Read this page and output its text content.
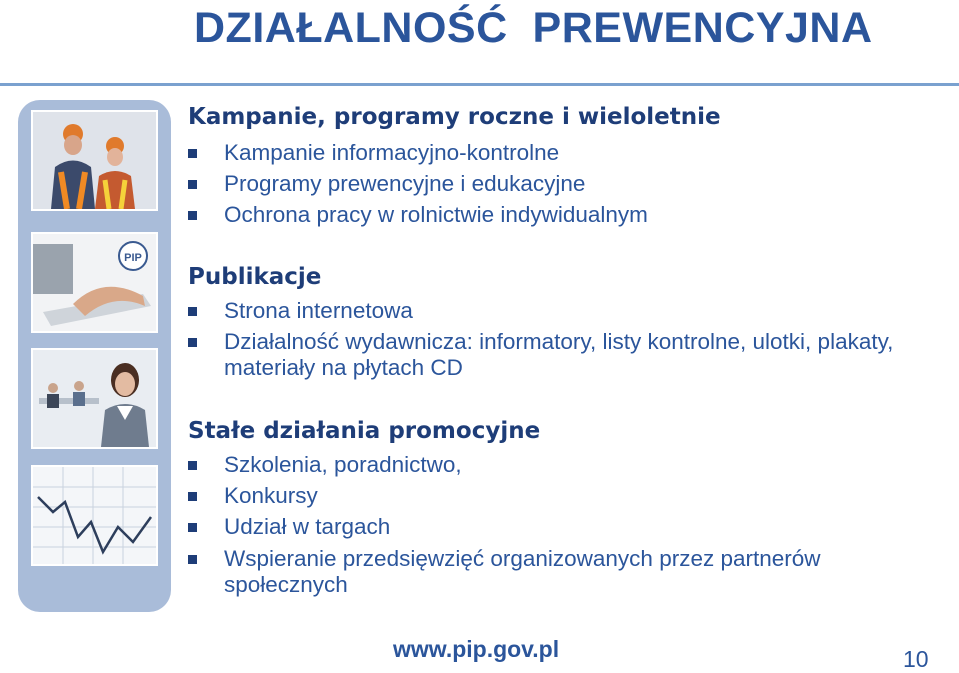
DZIAŁALNOŚĆ  PREWENCYJNA
PIP
Kampanie, programy roczne i wieloletnie
Kampanie informacyjno-kontrolne
Programy prewencyjne i edukacyjne
Ochrona pracy w rolnictwie indywidualnym
Publikacje
Strona internetowa
Działalność wydawnicza: informatory, listy kontrolne, ulotki, plakaty, materiały na płytach CD
Stałe działania promocyjne
Szkolenia, poradnictwo,
Konkursy
Udział w targach
Wspieranie przedsięwzięć organizowanych przez partnerów społecznych
www.pip.gov.pl	10
